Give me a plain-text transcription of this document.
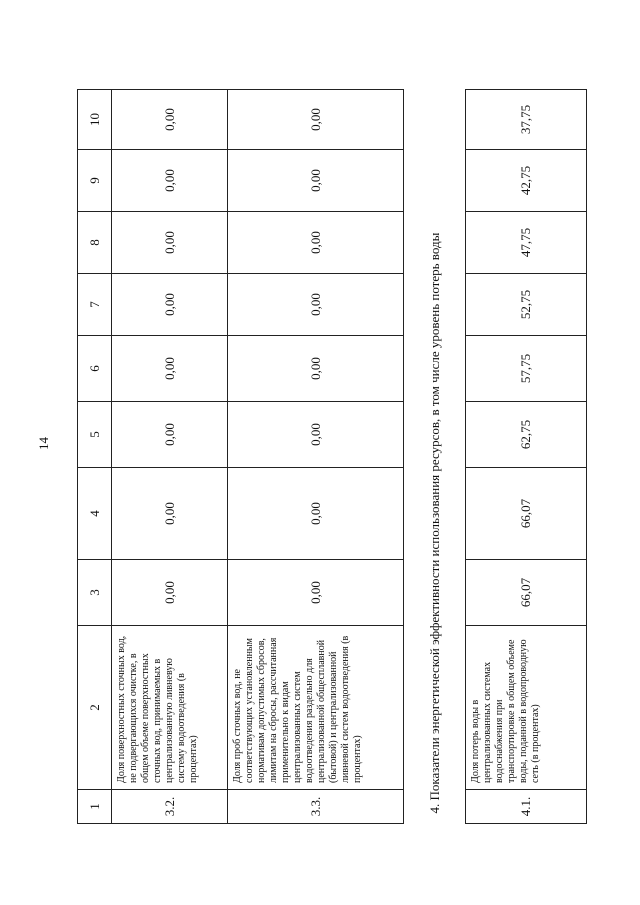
14
1	2	3	4	5	6	7	8	9	10
3.2.	Доля поверхностных сточных вод, не подвергающихся очистке, в общем объеме поверхностных сточных вод, принимаемых в централизованную ливневую систему водоотведения (в процентах)	0,00	0,00	0,00	0,00	0,00	0,00	0,00	0,00
3.3.	Доля проб сточных вод, не соответствующих установленным нормативам допустимых сбросов, лимитам на сбросы, рассчитанная применительно к видам централизованных систем водоотведения раздельно для централизованной общесплавной (бытовой) и централизованной ливневой систем водоотведения (в процентах)	0,00	0,00	0,00	0,00	0,00	0,00	0,00	0,00
4. Показатели энергетической эффективности использования ресурсов, в том числе уровень потерь воды									
4.1.	Доля потерь воды в централизованных системах водоснабжения при транспортировке в общем объеме воды, поданной в водопроводную сеть (в процентах)	66,07	66,07	62,75	57,75	52,75	47,75	42,75	37,75
